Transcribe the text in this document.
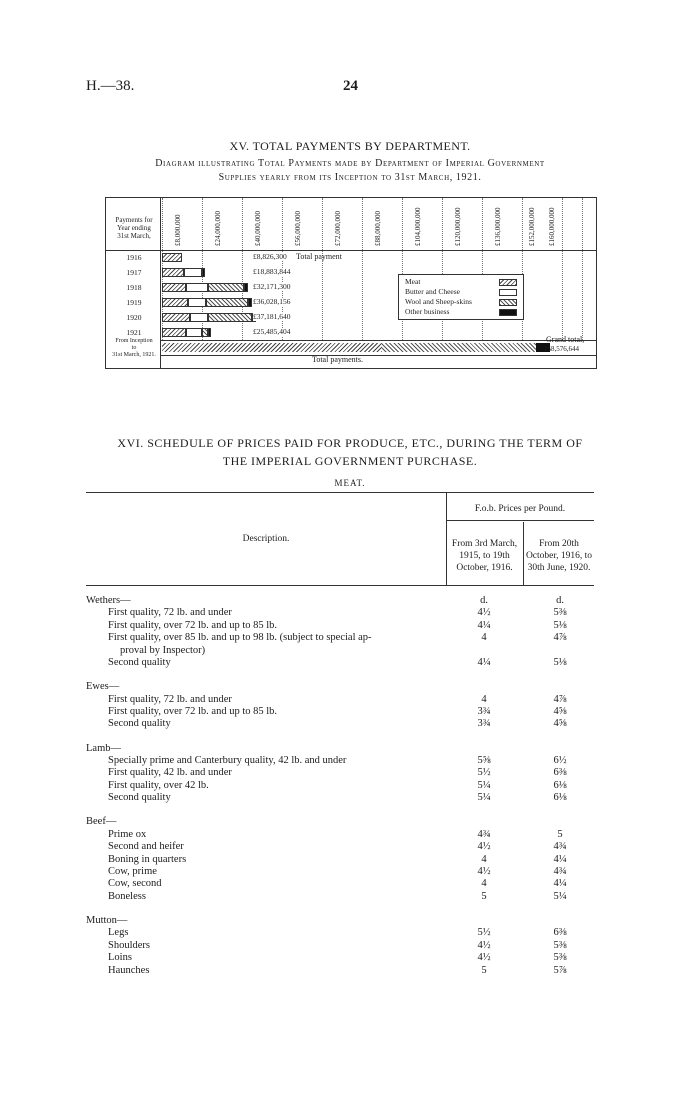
H.—38.	24
XV. TOTAL PAYMENTS BY DEPARTMENT.
Diagram illustrating Total Payments made by Department of Imperial Government
Supplies yearly from its Inception to 31st March, 1921.
Payments for
Year ending
31st March,	£8,000,000	£24,000,000	£40,000,000	£56,000,000	£72,000,000	£88,000,000	£104,000,000	£120,000,000	£136,000,000	£152,000,000 £160,000,000
1916	£8,826,300
1917	£18,883,844
1918	£32,171,300
1919	£36,028,156
1920	£37,181,640
1921	£25,485,404
From Inception
to
31st March, 1921.	Total payments.
Grand total,
158,576,644
Total payment
Meat
Butter and Cheese
Wool and Sheep-skins
Other business
XVI. SCHEDULE OF PRICES PAID FOR PRODUCE, ETC., DURING THE TERM OF
THE IMPERIAL GOVERNMENT PURCHASE.
MEAT.
Description.
F.o.b. Prices per Pound.
From 3rd March,
1915, to 19th
October, 1916.
From 20th
October, 1916, to
30th June, 1920.
d.	d.
Wethers—
First quality, 72 lb. and under	4½	5⅜
First quality, over 72 lb. and up to 85 lb.	4¼	5⅛
First quality, over 85 lb. and up to 98 lb. (subject to special ap-	4	4⅞
proval by Inspector)
Second quality	4¼	5⅛
Ewes—
First quality, 72 lb. and under	4	4⅞
First quality, over 72 lb. and up to 85 lb.	3¾	4⅝
Second quality	3¾	4⅝
Lamb—
Specially prime and Canterbury quality, 42 lb. and under	5⅝	6½
First quality, 42 lb. and under	5½	6⅜
First quality, over 42 lb.	5¼	6⅛
Second quality	5¼	6⅛
Beef—
Prime ox	4¾	5
Second and heifer	4½	4¾
Boning in quarters	4	4¼
Cow, prime	4½	4¾
Cow, second	4	4¼
Boneless	5	5¼
Mutton—
Legs	5½	6⅜
Shoulders	4½	5⅜
Loins	4½	5⅜
Haunches	5	5⅞
